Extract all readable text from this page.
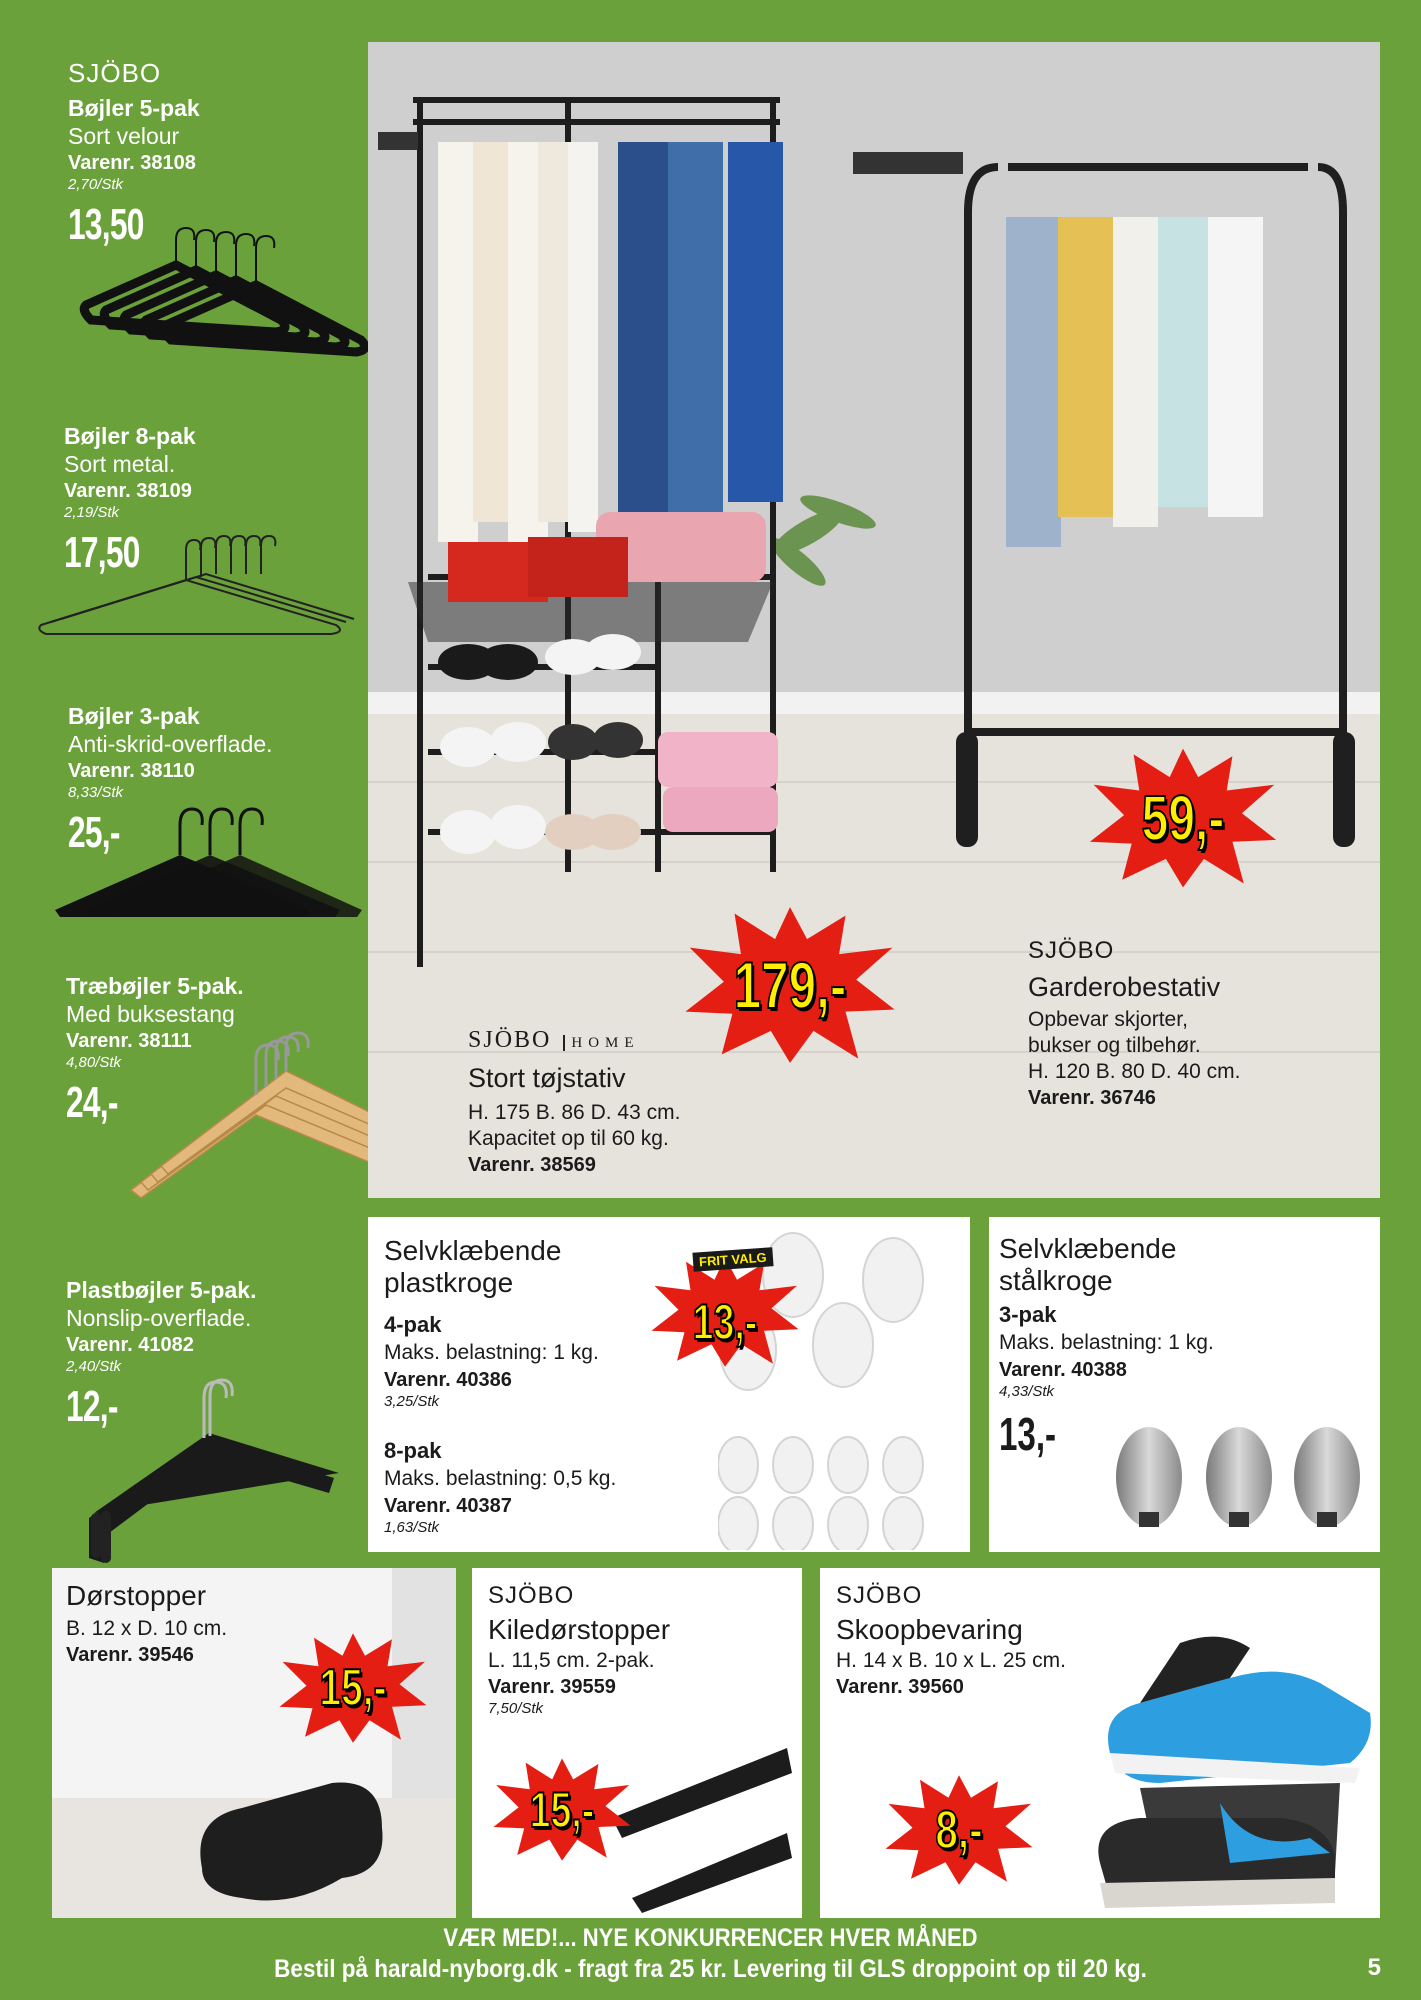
SJÖBO
Bøjler 5-pak
Sort velour
Varenr. 38108
2,70/Stk
13,50
Bøjler 8-pak
Sort metal.
Varenr. 38109
2,19/Stk
17,50
Bøjler 3-pak
Anti-skrid-overflade.
Varenr. 38110
8,33/Stk
25,-
Træbøjler 5-pak.
Med buksestang
Varenr. 38111
4,80/Stk
24,-
Plastbøjler 5-pak.
Nonslip-overflade.
Varenr. 41082
2,40/Stk
12,-
SJÖBO HOME
Stort tøjstativ
H. 175 B. 86 D. 43 cm.
Kapacitet op til 60 kg.
Varenr. 38569
SJÖBO
Garderobestativ
Opbevar skjorter,
bukser og tilbehør.
H. 120 B. 80 D. 40 cm.
Varenr. 36746
179,-
59,-
Selvklæbende
plastkroge
4-pak
Maks. belastning: 1 kg.
Varenr. 40386
3,25/Stk
8-pak
Maks. belastning: 0,5 kg.
Varenr. 40387
1,63/Stk
13,-
FRIT VALG	Selvklæbende
stålkroge
3-pak
Maks. belastning: 1 kg.
Varenr. 40388
4,33/Stk
13,-
Dørstopper
B. 12 x D. 10 cm.
Varenr. 39546
15,-
SJÖBO
Kiledørstopper
L. 11,5 cm. 2-pak.
Varenr. 39559
7,50/Stk
15,-
SJÖBO
Skoopbevaring
H. 14 x B. 10 x L. 25 cm.
Varenr. 39560
8,-
VÆR MED!... NYE KONKURRENCER HVER MÅNED
Bestil på harald-nyborg.dk - fragt fra 25 kr. Levering til GLS droppoint op til 20 kg.	5
